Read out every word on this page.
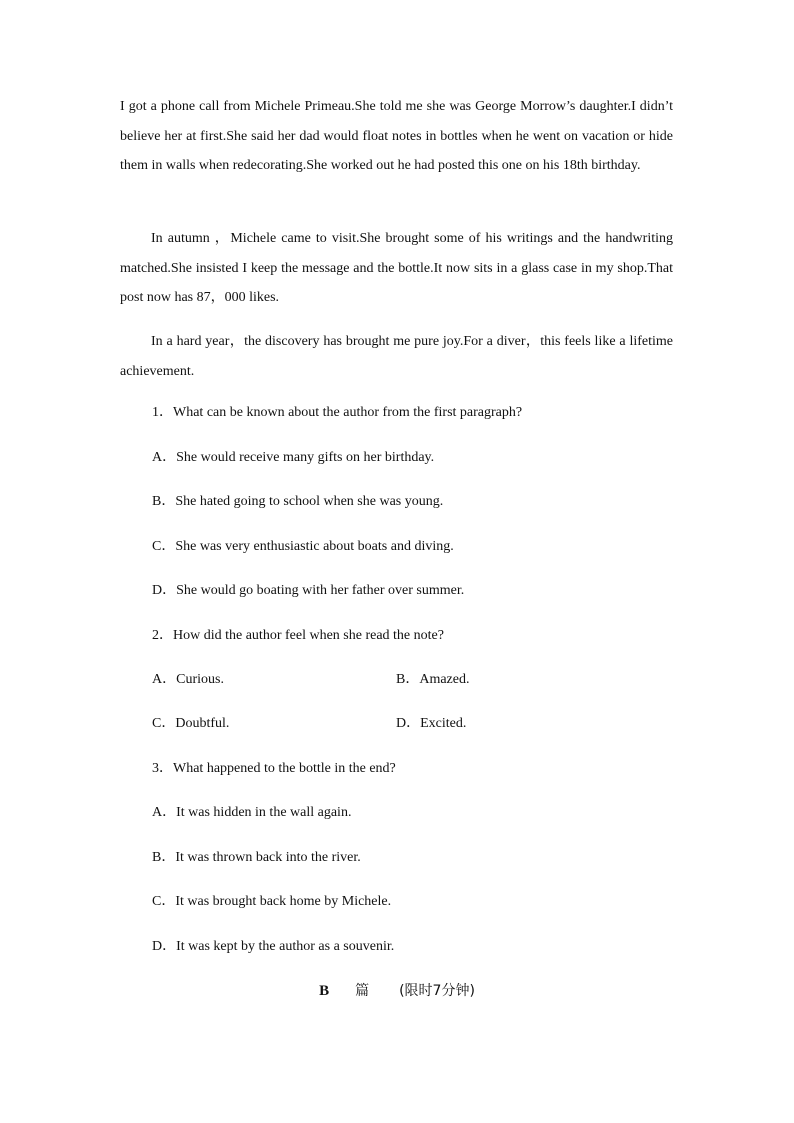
I got a phone call from Michele Primeau.She told me she was George Morrow’s daughter.I didn’t believe her at first.She said her dad would float notes in bottles when he went on vacation or hide them in walls when redecorating.She worked out he had posted this one on his 18th birthday.

In autumn ，Michele came to visit.She brought some of his writings and the handwriting matched.She insisted I keep the message and the bottle.It now sits in a glass case in my shop.That post now has 87，000 likes.

In a hard year，the discovery has brought me pure joy.For a diver，this feels like a lifetime achievement.

1．What can be known about the author from the first paragraph?

A．She would receive many gifts on her birthday.

B．She hated going to school when she was young.

C．She was very enthusiastic about boats and diving.

D．She would go boating with her father over summer.

2．How did the author feel when she read the note?

A．Curious.	B．Amazed.

C．Doubtful.	D．Excited.

3．What happened to the bottle in the end?

A．It was hidden in the wall again.

B．It was thrown back into the river.

C．It was brought back home by Michele.

D．It was kept by the author as a souvenir.

B 篇 (限时7分钟)
